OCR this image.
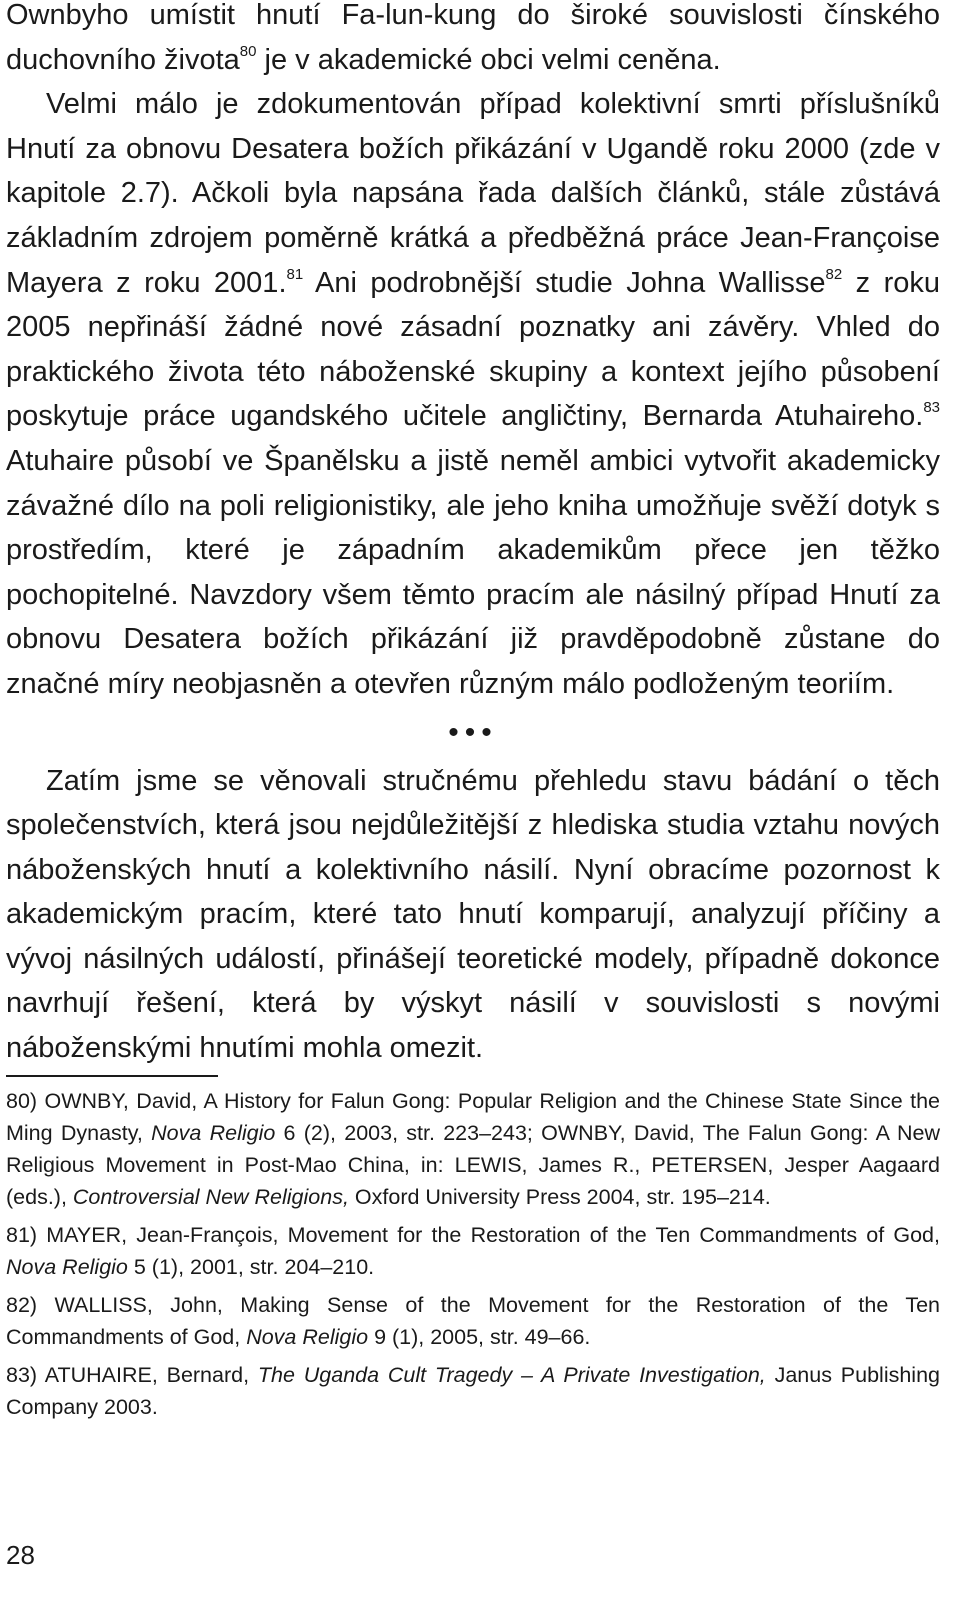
Ownbyho umístit hnutí Fa-lun-kung do široké souvislosti čínského duchovního života$^{80}$ je v akademické obci velmi ceněna.

Velmi málo je zdokumentován případ kolektivní smrti příslušníků Hnutí za obnovu Desatera božích přikázání v Ugandě roku 2000 (zde v kapitole 2.7). Ačkoli byla napsána řada dalších článků, stále zůstává základním zdrojem poměrně krátká a předběžná práce Jean-Françoise Mayera z roku 2001.81 Ani podrobnější studie Johna Wallisse$^{82}$ z roku 2005 nepřináší žádné nové zásadní poznatky ani závěry. Vhled do praktického života této náboženské skupiny a kontext jejího působení poskytuje práce ugandského učitele angličtiny, Bernarda Atuhaireho.$^{83}$ Atuhaire působí ve Španělsku a jistě neměl ambici vytvořit akademicky závažné dílo na poli religionistiky, ale jeho kniha umožňuje svěží dotyk s prostředím, které je západním akademikům přece jen těžko pochopitelné. Navzdory všem těmto pracím ale násilný případ Hnutí za obnovu Desatera božích přikázání již pravděpodobně zůstane do značné míry neobjasněn a otevřen různým málo podloženým teoriím.

•••

Zatím jsme se věnovali stručnému přehledu stavu bádání o těch společenstvích, která jsou nejdůležitější z hlediska studia vztahu nových náboženských hnutí a kolektivního násilí. Nyní obracíme pozornost k akademickým pracím, které tato hnutí komparují, analyzují příčiny a vývoj násilných událostí, přinášejí teoretické modely, případně dokonce navrhují řešení, která by výskyt násilí v souvislosti s novými náboženskými hnutími mohla omezit.

80) OWNBY, David, A History for Falun Gong: Popular Religion and the Chinese State Since the Ming Dynasty, Nova Religio 6 (2), 2003, str. 223–243; OWNBY, David, The Falun Gong: A New Religious Movement in Post-Mao China, in: LEWIS, James R., PETERSEN, Jesper Aagaard (eds.), Controversial New Religions, Oxford University Press 2004, str. 195–214.

81) MAYER, Jean-François, Movement for the Restoration of the Ten Commandments of God, Nova Religio 5 (1), 2001, str. 204–210.

82) WALLISS, John, Making Sense of the Movement for the Restoration of the Ten Commandments of God, Nova Religio 9 (1), 2005, str. 49–66.

83) ATUHAIRE, Bernard, The Uganda Cult Tragedy – A Private Investigation, Janus Publishing Company 2003.

28
